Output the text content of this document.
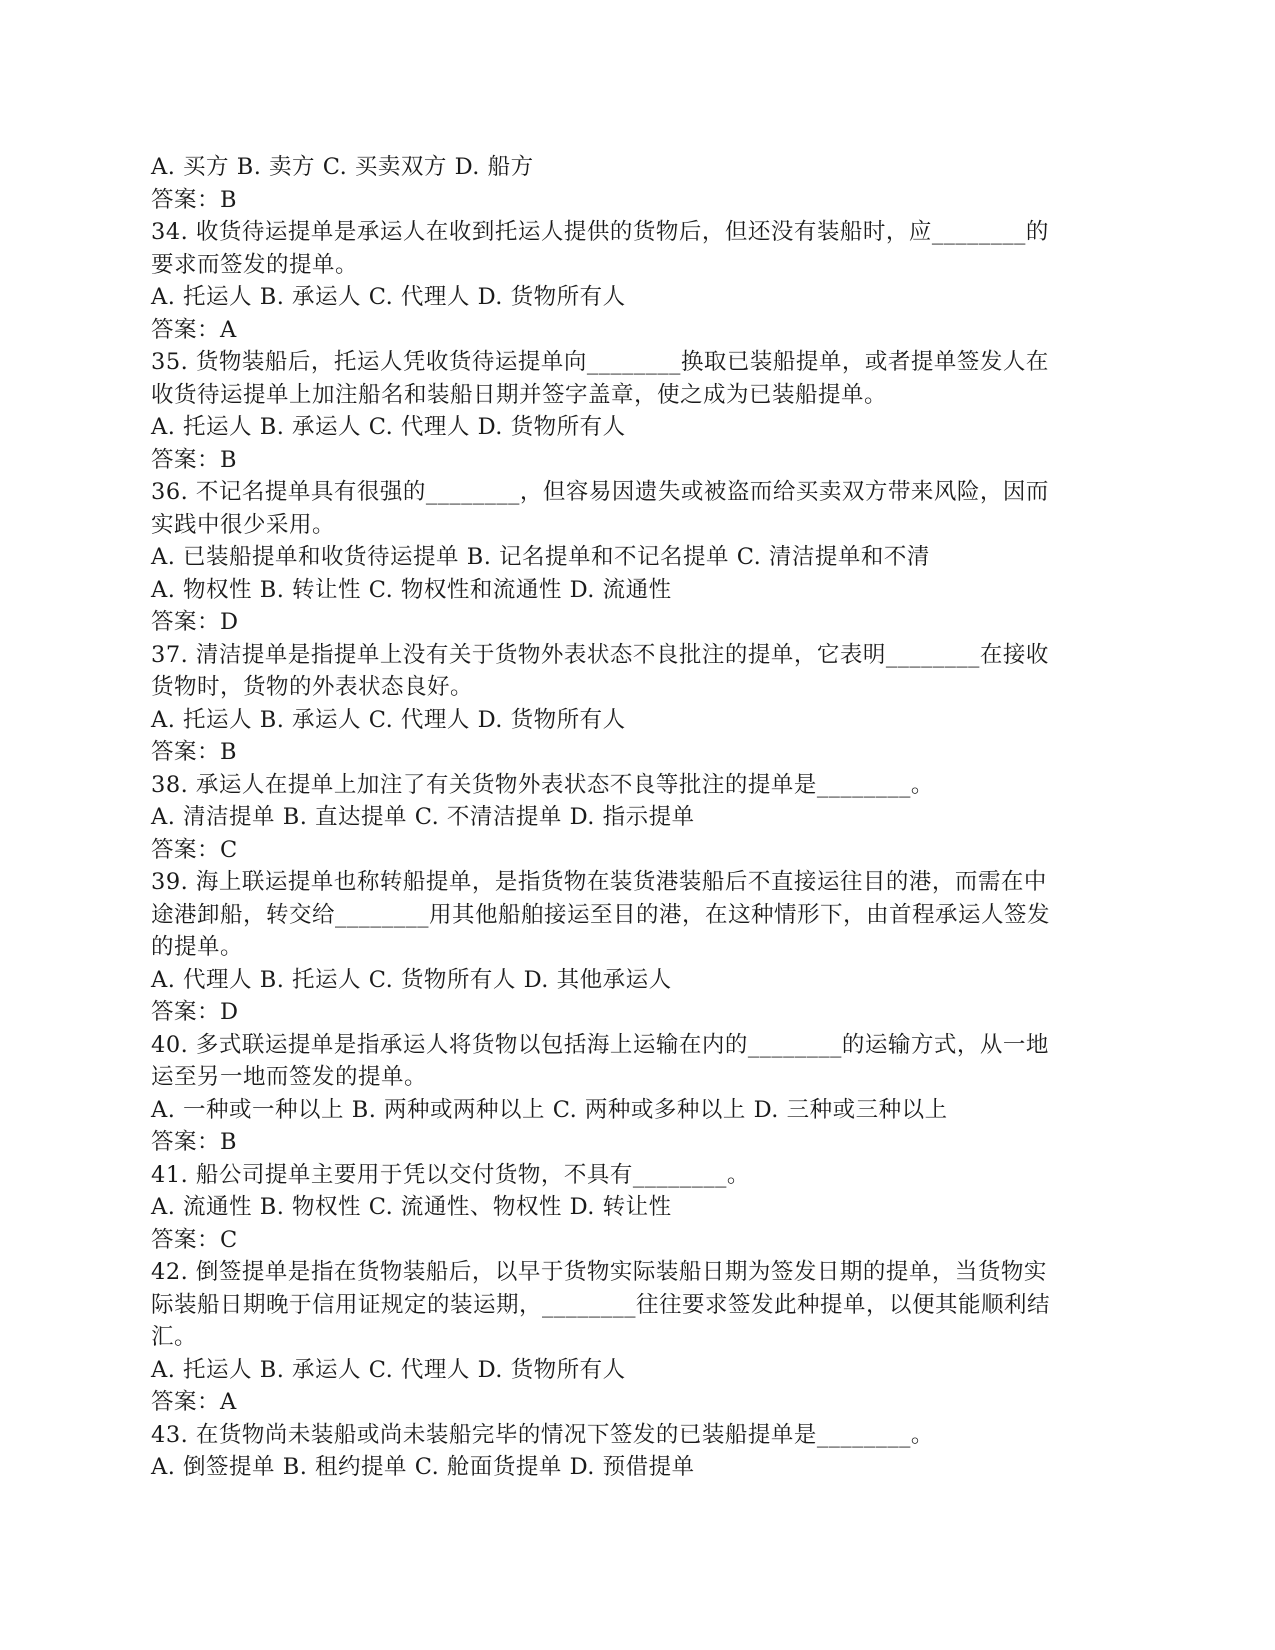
A. 买方 B. 卖方 C. 买卖双方 D. 船方
答案：B
34. 收货待运提单是承运人在收到托运人提供的货物后，但还没有装船时，应________的
要求而签发的提单。
A. 托运人 B. 承运人 C. 代理人 D. 货物所有人
答案：A
35. 货物装船后，托运人凭收货待运提单向________换取已装船提单，或者提单签发人在
收货待运提单上加注船名和装船日期并签字盖章，使之成为已装船提单。
A. 托运人 B. 承运人 C. 代理人 D. 货物所有人
答案：B
36. 不记名提单具有很强的________，但容易因遗失或被盗而给买卖双方带来风险，因而
实践中很少采用。
A. 已装船提单和收货待运提单 B. 记名提单和不记名提单 C. 清洁提单和不清
A. 物权性 B. 转让性 C. 物权性和流通性 D. 流通性
答案：D
37. 清洁提单是指提单上没有关于货物外表状态不良批注的提单，它表明________在接收
货物时，货物的外表状态良好。
A. 托运人 B. 承运人 C. 代理人 D. 货物所有人
答案：B
38. 承运人在提单上加注了有关货物外表状态不良等批注的提单是________。
A. 清洁提单 B. 直达提单 C. 不清洁提单 D. 指示提单
答案：C
39. 海上联运提单也称转船提单，是指货物在装货港装船后不直接运往目的港，而需在中
途港卸船，转交给________用其他船舶接运至目的港，在这种情形下，由首程承运人签发
的提单。
A. 代理人 B. 托运人 C. 货物所有人 D. 其他承运人
答案：D
40. 多式联运提单是指承运人将货物以包括海上运输在内的________的运输方式，从一地
运至另一地而签发的提单。
A. 一种或一种以上 B. 两种或两种以上 C. 两种或多种以上 D. 三种或三种以上
答案：B
41. 船公司提单主要用于凭以交付货物，不具有________。
A. 流通性 B. 物权性 C. 流通性、物权性 D. 转让性
答案：C
42. 倒签提单是指在货物装船后，以早于货物实际装船日期为签发日期的提单，当货物实
际装船日期晚于信用证规定的装运期，________往往要求签发此种提单，以便其能顺利结
汇。
A. 托运人 B. 承运人 C. 代理人 D. 货物所有人
答案：A
43. 在货物尚未装船或尚未装船完毕的情况下签发的已装船提单是________。
A. 倒签提单 B. 租约提单 C. 舱面货提单 D. 预借提单
